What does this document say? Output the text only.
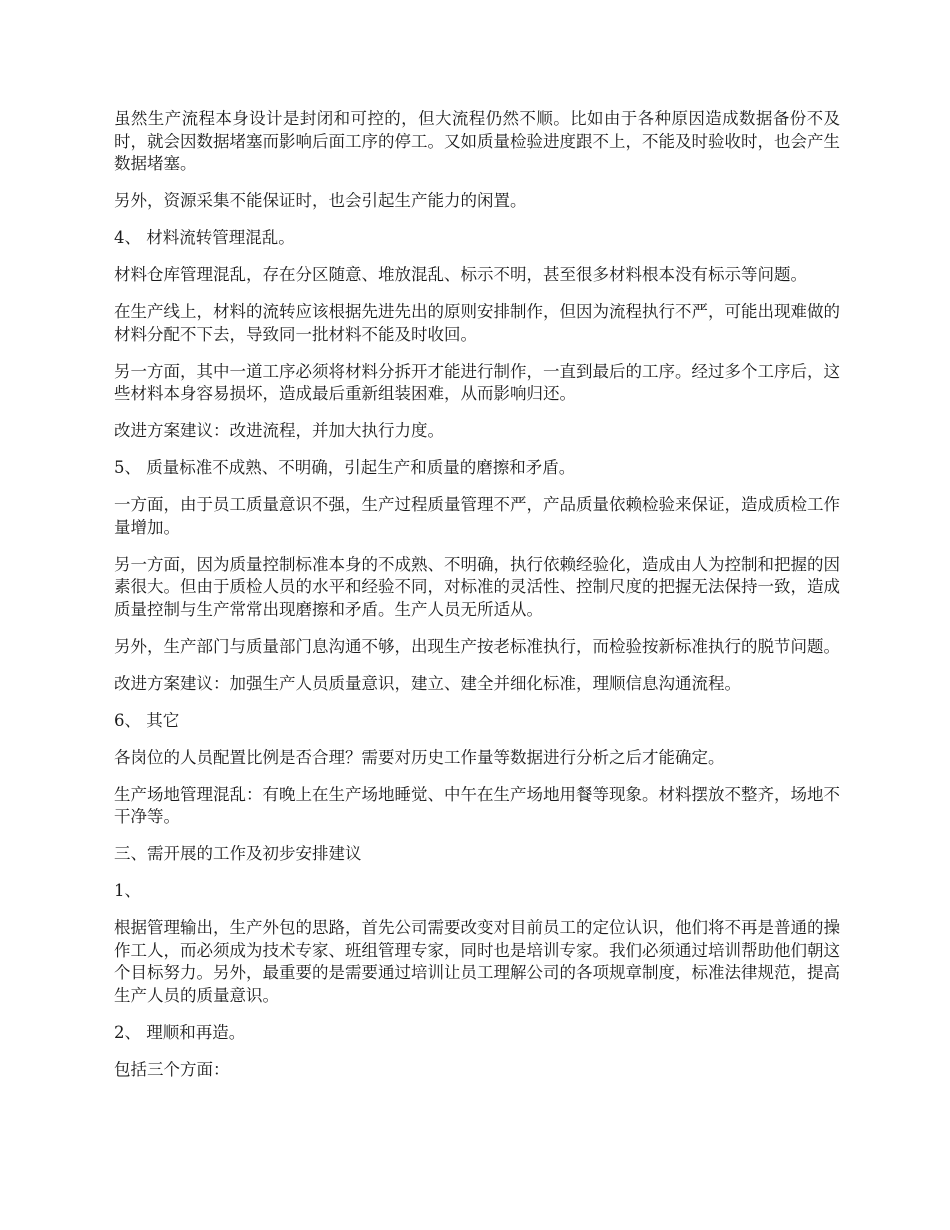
虽然生产流程本身设计是封闭和可控的，但大流程仍然不顺。比如由于各种原因造成数据备份不及时，就会因数据堵塞而影响后面工序的停工。又如质量检验进度跟不上，不能及时验收时，也会产生数据堵塞。

另外，资源采集不能保证时，也会引起生产能力的闲置。

4、 材料流转管理混乱。

材料仓库管理混乱，存在分区随意、堆放混乱、标示不明，甚至很多材料根本没有标示等问题。

在生产线上，材料的流转应该根据先进先出的原则安排制作，但因为流程执行不严，可能出现难做的材料分配不下去，导致同一批材料不能及时收回。

另一方面，其中一道工序必须将材料分拆开才能进行制作，一直到最后的工序。经过多个工序后，这些材料本身容易损坏，造成最后重新组装困难，从而影响归还。

改进方案建议：改进流程，并加大执行力度。

5、 质量标准不成熟、不明确，引起生产和质量的磨擦和矛盾。

一方面，由于员工质量意识不强，生产过程质量管理不严，产品质量依赖检验来保证，造成质检工作量增加。

另一方面，因为质量控制标准本身的不成熟、不明确，执行依赖经验化，造成由人为控制和把握的因素很大。但由于质检人员的水平和经验不同，对标准的灵活性、控制尺度的把握无法保持一致，造成质量控制与生产常常出现磨擦和矛盾。生产人员无所适从。

另外，生产部门与质量部门息沟通不够，出现生产按老标准执行，而检验按新标准执行的脱节问题。

改进方案建议：加强生产人员质量意识，建立、建全并细化标准，理顺信息沟通流程。

6、 其它

各岗位的人员配置比例是否合理？需要对历史工作量等数据进行分析之后才能确定。

生产场地管理混乱：有晚上在生产场地睡觉、中午在生产场地用餐等现象。材料摆放不整齐，场地不干净等。

三、需开展的工作及初步安排建议

1、

根据管理输出，生产外包的思路，首先公司需要改变对目前员工的定位认识，他们将不再是普通的操作工人，而必须成为技术专家、班组管理专家，同时也是培训专家。我们必须通过培训帮助他们朝这个目标努力。另外，最重要的是需要通过培训让员工理解公司的各项规章制度，标准法律规范，提高生产人员的质量意识。

2、 理顺和再造。

包括三个方面：
